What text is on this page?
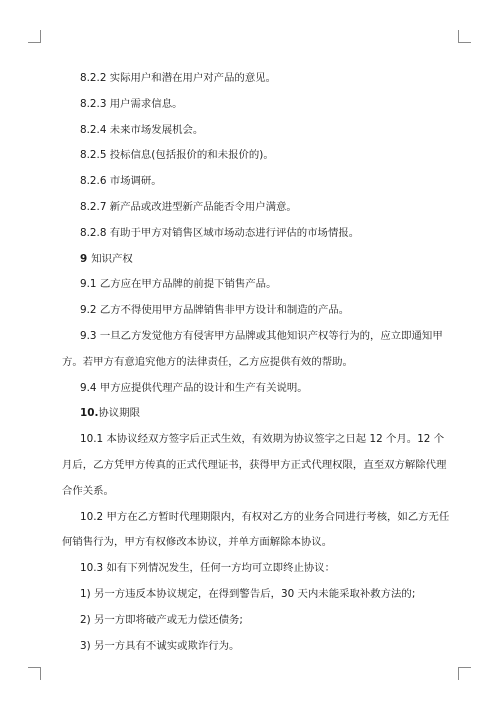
8.2.2 实际用户和潜在用户对产品的意见。
8.2.3 用户需求信息。
8.2.4 未来市场发展机会。
8.2.5 投标信息(包括报价的和未报价的)。
8.2.6 市场调研。
8.2.7 新产品或改进型新产品能否令用户满意。
8.2.8 有助于甲方对销售区域市场动态进行评估的市场情报。
9 知识产权
9.1 乙方应在甲方品牌的前提下销售产品。
9.2 乙方不得使用甲方品牌销售非甲方设计和制造的产品。
9.3 一旦乙方发觉他方有侵害甲方品牌或其他知识产权等行为的，应立即通知甲
方。若甲方有意追究他方的法律责任，乙方应提供有效的帮助。
9.4 甲方应提供代理产品的设计和生产有关说明。
10.协议期限
10.1 本协议经双方签字后正式生效，有效期为协议签字之日起 12 个月。12 个
月后，乙方凭甲方传真的正式代理证书，获得甲方正式代理权限，直至双方解除代理
合作关系。
10.2 甲方在乙方暂时代理期限内，有权对乙方的业务合同进行考核，如乙方无任
何销售行为，甲方有权修改本协议，并单方面解除本协议。
10.3 如有下列情况发生，任何一方均可立即终止协议：
1) 另一方违反本协议规定，在得到警告后，30 天内未能采取补救方法的;
2) 另一方即将破产或无力偿还债务;
3) 另一方具有不诚实或欺诈行为。
